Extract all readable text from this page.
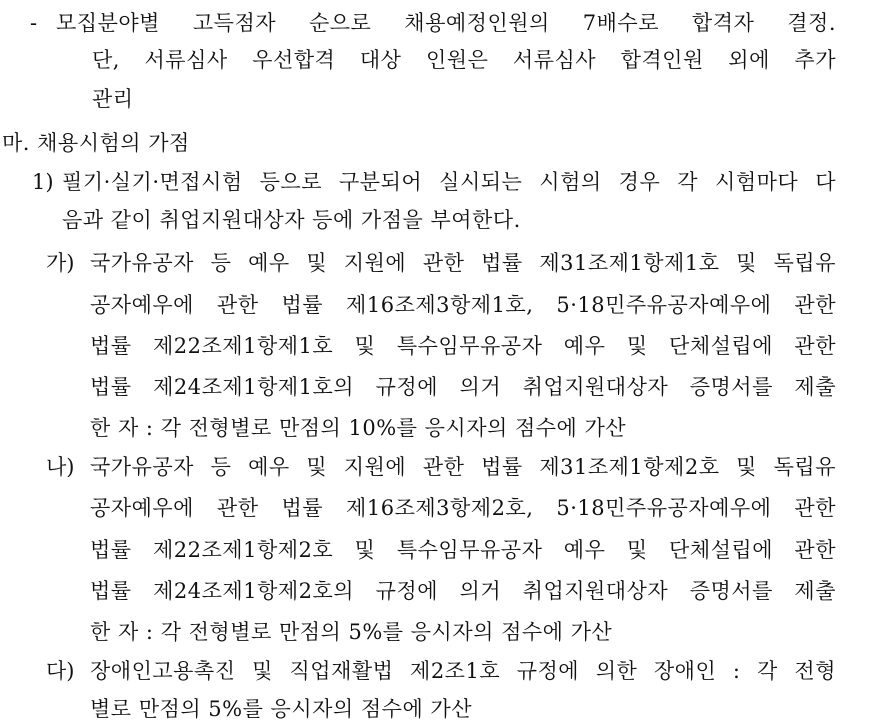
- 모집분야별 고득점자 순으로 채용예정인원의 7배수로 합격자 결정.
단, 서류심사 우선합격 대상 인원은 서류심사 합격인원 외에 추가
관리
마. 채용시험의 가점
1) 필기·실기·면접시험 등으로 구분되어 실시되는 시험의 경우 각 시험마다 다
음과 같이 취업지원대상자 등에 가점을 부여한다.
가) 국가유공자 등 예우 및 지원에 관한 법률 제31조제1항제1호 및 독립유
공자예우에 관한 법률 제16조제3항제1호, 5·18민주유공자예우에 관한
법률 제22조제1항제1호 및 특수임무유공자 예우 및 단체설립에 관한
법률 제24조제1항제1호의 규정에 의거 취업지원대상자 증명서를 제출
한 자 : 각 전형별로 만점의 10%를 응시자의 점수에 가산
나) 국가유공자 등 예우 및 지원에 관한 법률 제31조제1항제2호 및 독립유
공자예우에 관한 법률 제16조제3항제2호, 5·18민주유공자예우에 관한
법률 제22조제1항제2호 및 특수임무유공자 예우 및 단체설립에 관한
법률 제24조제1항제2호의 규정에 의거 취업지원대상자 증명서를 제출
한 자 : 각 전형별로 만점의 5%를 응시자의 점수에 가산
다) 장애인고용촉진 및 직업재활법 제2조1호 규정에 의한 장애인 : 각 전형
별로 만점의 5%를 응시자의 점수에 가산
